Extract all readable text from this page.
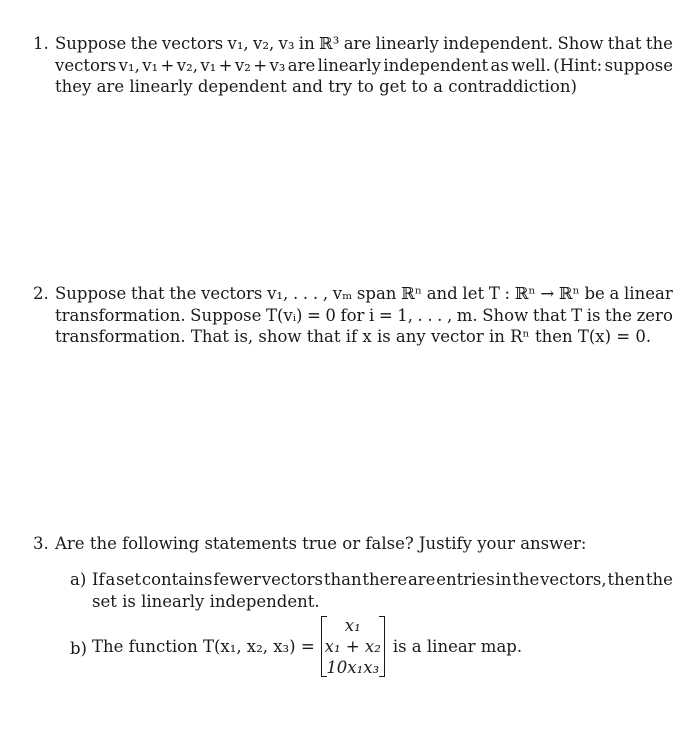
1. Suppose the vectors v₁, v₂, v₃ in ℝ³ are linearly independent. Show that the
vectors v₁, v₁ + v₂, v₁ + v₂ + v₃ are linearly independent as well. (Hint: suppose
they are linearly dependent and try to get to a contraddiction)
2. Suppose that the vectors v₁, . . . , vₘ span ℝⁿ and let T : ℝⁿ → ℝⁿ be a linear
transformation. Suppose T(vᵢ) = 0 for i = 1, . . . , m. Show that T is the zero
transformation. That is, show that if x is any vector in Rⁿ then T(x) = 0.
3. Are the following statements true or false? Justify your answer:
a) If a set contains fewer vectors than there are entries in the vectors, then the
set is linearly independent.
b) The function T(x₁, x₂, x₃) =
x₁
x₁ + x₂
10x₁x₃
is a linear map.
